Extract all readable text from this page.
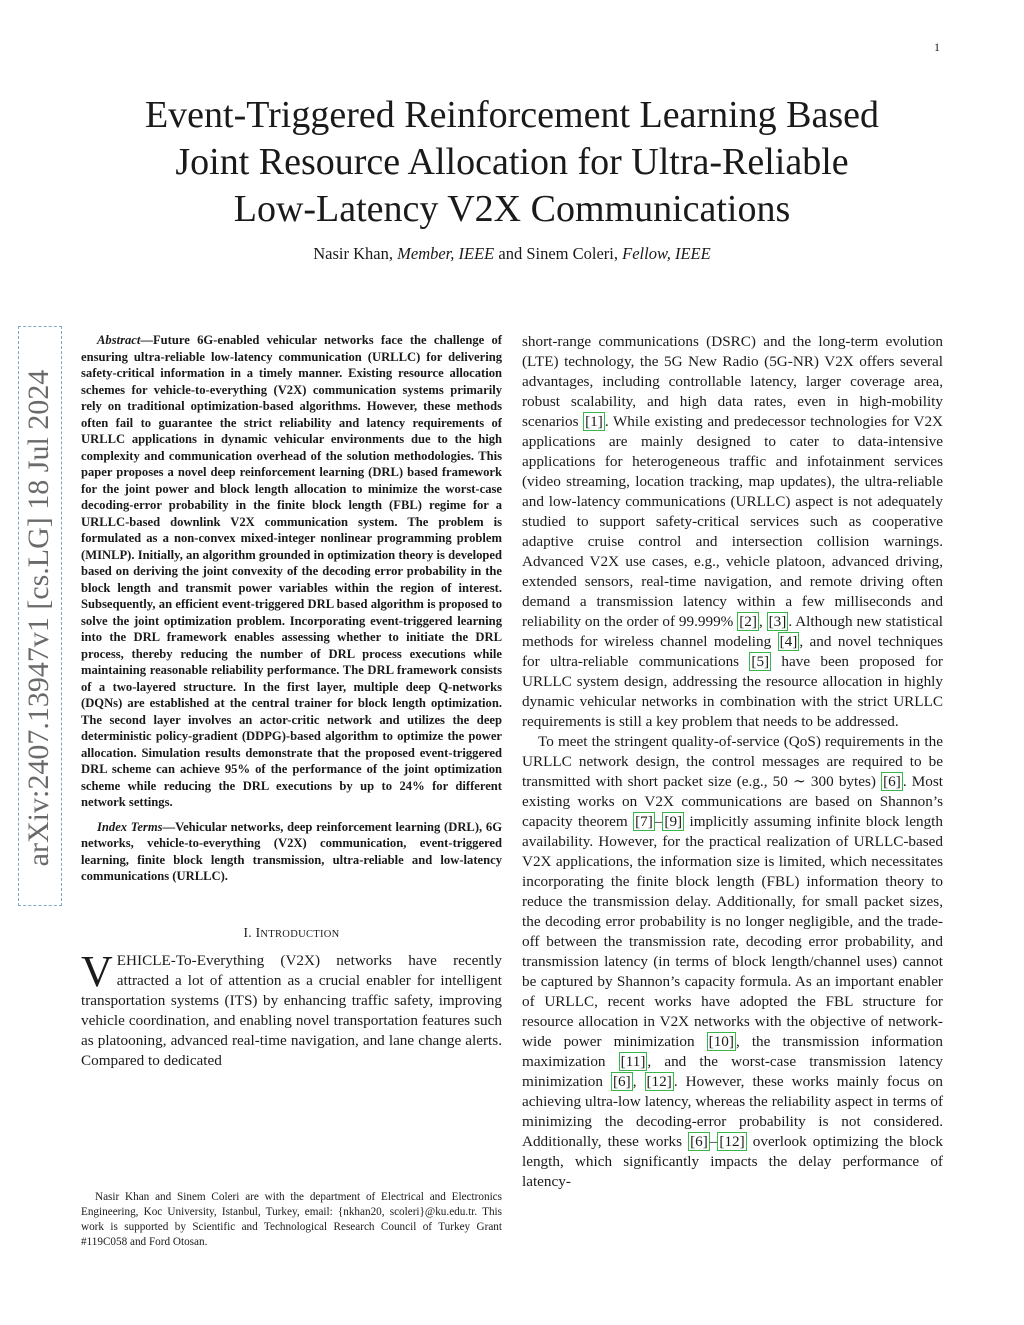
1
Event-Triggered Reinforcement Learning Based
Joint Resource Allocation for Ultra-Reliable
Low-Latency V2X Communications
Nasir Khan, Member, IEEE and Sinem Coleri, Fellow, IEEE
arXiv:2407.13947v1 [cs.LG] 18 Jul 2024

Abstract—Future 6G-enabled vehicular networks face the challenge of ensuring ultra-reliable low-latency communication (URLLC) for delivering safety-critical information in a timely manner. Existing resource allocation schemes for vehicle-to-everything (V2X) communication systems primarily rely on traditional optimization-based algorithms. However, these methods often fail to guarantee the strict reliability and latency requirements of URLLC applications in dynamic vehicular environments due to the high complexity and communication overhead of the solution methodologies. This paper proposes a novel deep reinforcement learning (DRL) based framework for the joint power and block length allocation to minimize the worst-case decoding-error probability in the finite block length (FBL) regime for a URLLC-based downlink V2X communication system. The problem is formulated as a non-convex mixed-integer nonlinear programming problem (MINLP). Initially, an algorithm grounded in optimization theory is developed based on deriving the joint convexity of the decoding error probability in the block length and transmit power variables within the region of interest. Subsequently, an efficient event-triggered DRL based algorithm is proposed to solve the joint optimization problem. Incorporating event-triggered learning into the DRL framework enables assessing whether to initiate the DRL process, thereby reducing the number of DRL process executions while maintaining reasonable reliability performance. The DRL framework consists of a two-layered structure. In the first layer, multiple deep Q-networks (DQNs) are established at the central trainer for block length optimization. The second layer involves an actor-critic network and utilizes the deep deterministic policy-gradient (DDPG)-based algorithm to optimize the power allocation. Simulation results demonstrate that the proposed event-triggered DRL scheme can achieve 95% of the performance of the joint optimization scheme while reducing the DRL executions by up to 24% for different network settings.

Index Terms—Vehicular networks, deep reinforcement learning (DRL), 6G networks, vehicle-to-everything (V2X) communication, event-triggered learning, finite block length transmission, ultra-reliable and low-latency communications (URLLC).

I. INTRODUCTION

VEHICLE-To-Everything (V2X) networks have recently attracted a lot of attention as a crucial enabler for intelligent transportation systems (ITS) by enhancing traffic safety, improving vehicle coordination, and enabling novel transportation features such as platooning, advanced real-time navigation, and lane change alerts. Compared to dedicated

Nasir Khan and Sinem Coleri are with the department of Electrical and Electronics Engineering, Koc University, Istanbul, Turkey, email: {nkhan20, scoleri}@ku.edu.tr. This work is supported by Scientific and Technological Research Council of Turkey Grant #119C058 and Ford Otosan.

short-range communications (DSRC) and the long-term evolution (LTE) technology, the 5G New Radio (5G-NR) V2X offers several advantages, including controllable latency, larger coverage area, robust scalability, and high data rates, even in high-mobility scenarios [1] . While existing and predecessor technologies for V2X applications are mainly designed to cater to data-intensive applications for heterogeneous traffic and infotainment services (video streaming, location tracking, map updates), the ultra-reliable and low-latency communications (URLLC) aspect is not adequately studied to support safety-critical services such as cooperative adaptive cruise control and intersection collision warnings. Advanced V2X use cases, e.g., vehicle platoon, advanced driving, extended sensors, real-time navigation, and remote driving often demand a transmission latency within a few milliseconds and reliability on the order of 99.999% [2] , [3] . Although new statistical methods for wireless channel modeling [4] , and novel techniques for ultra-reliable communications [5] have been proposed for URLLC system design, addressing the resource allocation in highly dynamic vehicular networks in combination with the strict URLLC requirements is still a key problem that needs to be addressed.

To meet the stringent quality-of-service (QoS) requirements in the URLLC network design, the control messages are required to be transmitted with short packet size (e.g., 50 ∼ 300 bytes) [6] . Most existing works on V2X communications are based on Shannon’s capacity theorem [7] – [9] implicitly assuming infinite block length availability. However, for the practical realization of URLLC-based V2X applications, the information size is limited, which necessitates incorporating the finite block length (FBL) information theory to reduce the transmission delay. Additionally, for small packet sizes, the decoding error probability is no longer negligible, and the trade-off between the transmission rate, decoding error probability, and transmission latency (in terms of block length/channel uses) cannot be captured by Shannon’s capacity formula. As an important enabler of URLLC, recent works have adopted the FBL structure for resource allocation in V2X networks with the objective of network-wide power minimization [10] , the transmission information maximization [11] , and the worst-case transmission latency minimization [6] , [12] . However, these works mainly focus on achieving ultra-low latency, whereas the reliability aspect in terms of minimizing the decoding-error probability is not considered. Additionally, these works [6] – [12] overlook optimizing the block length, which significantly impacts the delay performance of latency-
